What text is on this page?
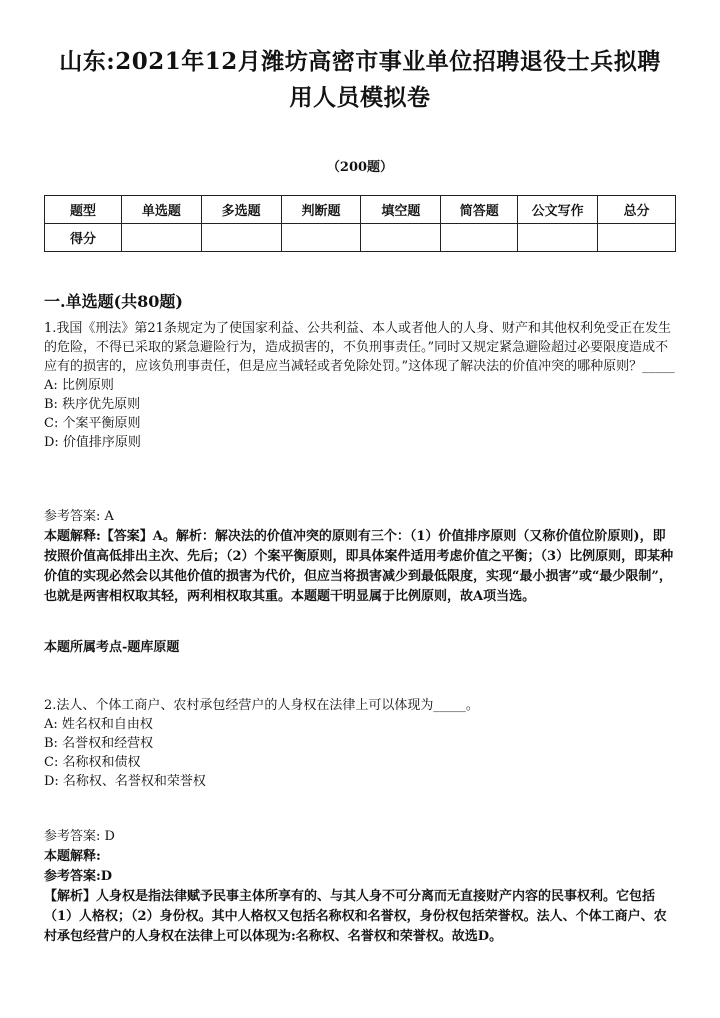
山东:2021年12月潍坊高密市事业单位招聘退役士兵拟聘
用人员模拟卷
（200题）
题型	单选题	多选题	判断题	填空题	简答题	公文写作	总分
得分							
一.单选题(共80题)
1.我国《刑法》第21条规定为了使国家利益、公共利益、本人或者他人的人身、财产和其他权利免受正在发生的危险，不得已采取的紧急避险行为，造成损害的，不负刑事责任。”同时又规定紧急避险超过必要限度造成不应有的损害的，应该负刑事责任，但是应当减轻或者免除处罚。”这体现了解决法的价值冲突的哪种原则？_____
A: 比例原则
B: 秩序优先原则
C: 个案平衡原则
D: 价值排序原则
参考答案: A
本题解释:【答案】A。解析：解决法的价值冲突的原则有三个：（1）价值排序原则（又称价值位阶原则)，即按照价值高低排出主次、先后；（2）个案平衡原则，即具体案件适用考虑价值之平衡；（3）比例原则，即某种价值的实现必然会以其他价值的损害为代价，但应当将损害减少到最低限度，实现“最小损害”或“最少限制”，也就是两害相权取其轻，两利相权取其重。本题题干明显属于比例原则，故A项当选。
本题所属考点-题库原题
2.法人、个体工商户、农村承包经营户的人身权在法律上可以体现为_____。
A: 姓名权和自由权
B: 名誉权和经营权
C: 名称权和债权
D: 名称权、名誉权和荣誉权
参考答案: D
本题解释:
参考答案:D
【解析】人身权是指法律赋予民事主体所享有的、与其人身不可分离而无直接财产内容的民事权利。它包括（1）人格权；（2）身份权。其中人格权又包括名称权和名誉权，身份权包括荣誉权。法人、个体工商户、农村承包经营户的人身权在法律上可以体现为:名称权、名誉权和荣誉权。故选D。
